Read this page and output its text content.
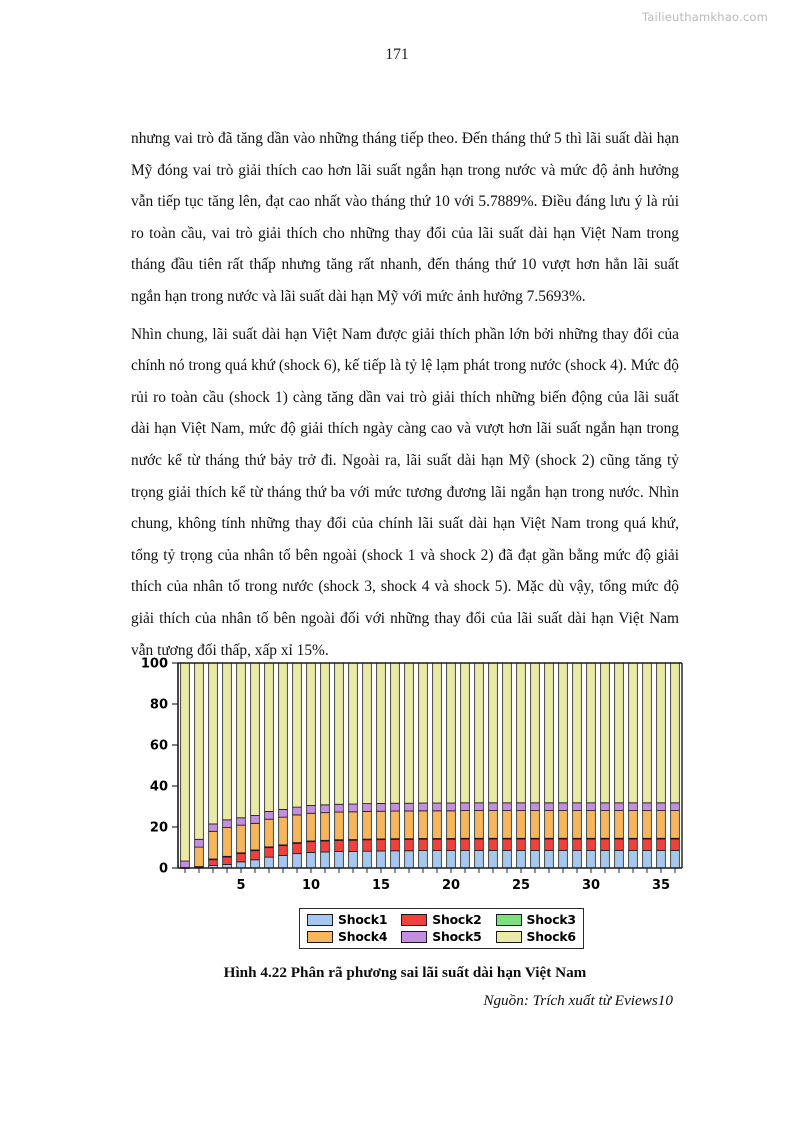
Tailieuthamkhao.com
171

nhưng vai trò đã tăng dần vào những tháng tiếp theo. Đến tháng thứ 5 thì lãi suất dài hạn Mỹ đóng vai trò giải thích cao hơn lãi suất ngắn hạn trong nước và mức độ ảnh hưởng vẫn tiếp tục tăng lên, đạt cao nhất vào tháng thứ 10 với 5.7889%. Điều đáng lưu ý là rủi ro toàn cầu, vai trò giải thích cho những thay đổi của lãi suất dài hạn Việt Nam trong tháng đầu tiên rất thấp nhưng tăng rất nhanh, đến tháng thứ 10 vượt hơn hẳn lãi suất ngắn hạn trong nước và lãi suất dài hạn Mỹ với mức ảnh hưởng 7.5693%.

Nhìn chung, lãi suất dài hạn Việt Nam được giải thích phần lớn bởi những thay đổi của chính nó trong quá khứ (shock 6), kế tiếp là tỷ lệ lạm phát trong nước (shock 4). Mức độ rủi ro toàn cầu (shock 1) càng tăng dần vai trò giải thích những biến động của lãi suất dài hạn Việt Nam, mức độ giải thích ngày càng cao và vượt hơn lãi suất ngắn hạn trong nước kể từ tháng thứ bảy trở đi. Ngoài ra, lãi suất dài hạn Mỹ (shock 2) cũng tăng tỷ trọng giải thích kể từ tháng thứ ba với mức tương đương lãi ngắn hạn trong nước. Nhìn chung, không tính những thay đổi của chính lãi suất dài hạn Việt Nam trong quá khứ, tổng tỷ trọng của nhân tố bên ngoài (shock 1 và shock 2) đã đạt gần bằng mức độ giải thích của nhân tố trong nước (shock 3, shock 4 và shock 5). Mặc dù vậy, tổng mức độ giải thích của nhân tố bên ngoài đối với những thay đổi của lãi suất dài hạn Việt Nam vẫn tương đối thấp, xấp xỉ 15%.

0
20
40
60
80
100
5	10	15	20	25	30	35
Shock1	Shock2	Shock3
Shock4	Shock5	Shock6
Hình 4.22 Phân rã phương sai lãi suất dài hạn Việt Nam
Nguồn: Trích xuất từ Eviews10
